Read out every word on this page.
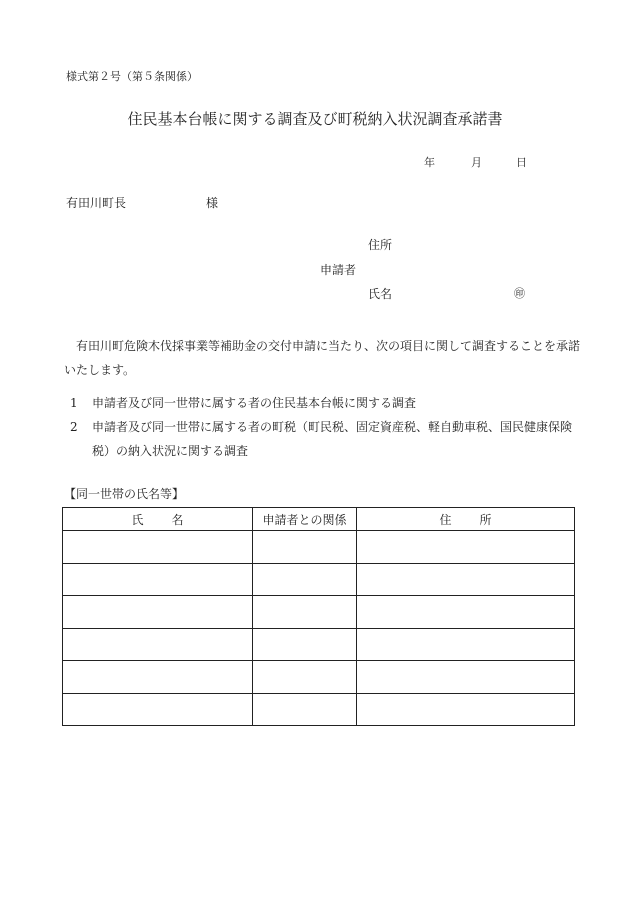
様式第２号（第５条関係）
住民基本台帳に関する調査及び町税納入状況調査承諾書
年	月	日
有田川町長	様
住所
申請者
氏名	㊞
有田川町危険木伐採事業等補助金の交付申請に当たり、次の項目に関して調査することを承諾いたします。
1	申請者及び同一世帯に属する者の住民基本台帳に関する調査
2	申請者及び同一世帯に属する者の町税（町民税、固定資産税、軽自動車税、国民健康保険税）の納入状況に関する調査
【同一世帯の氏名等】
氏名	申請者との関係	住所
